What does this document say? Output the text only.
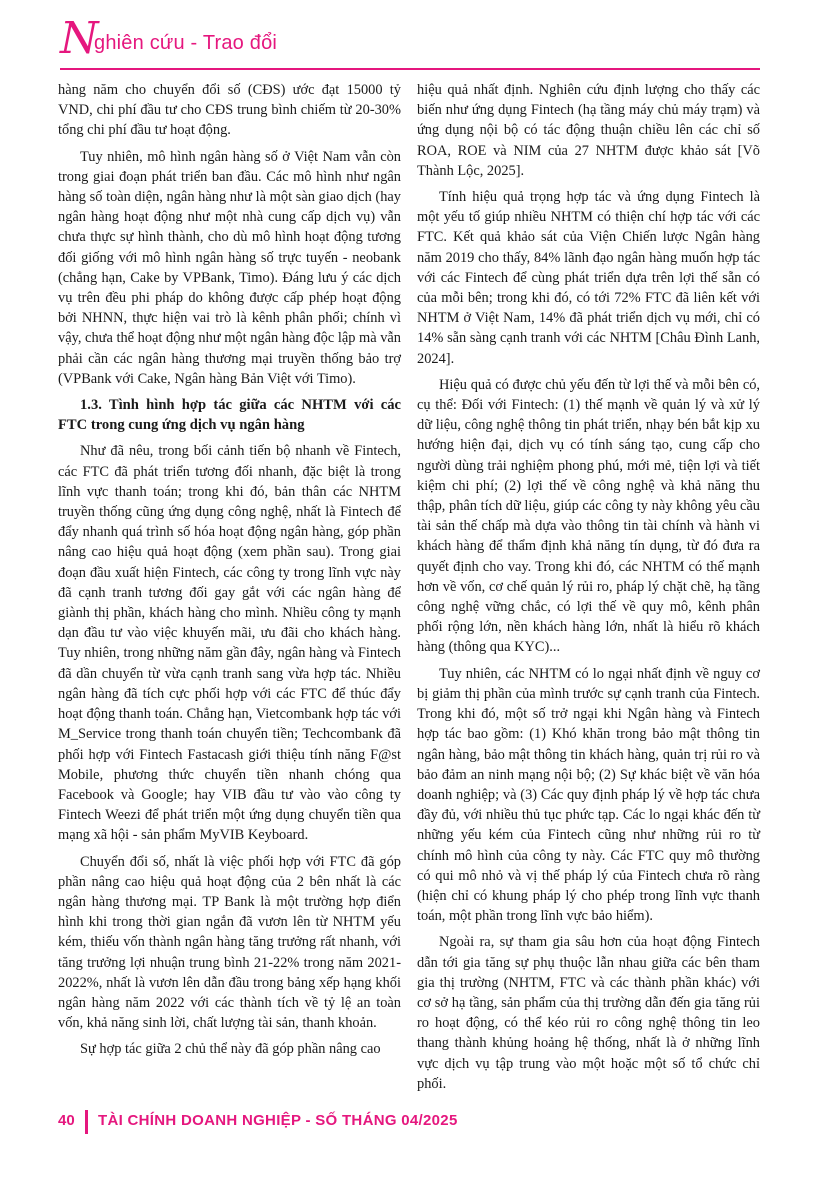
N
ghiên cứu - Trao đổi

hàng năm cho chuyển đổi số (CĐS) ước đạt 15000 tỷ VND, chi phí đầu tư cho CĐS trung bình chiếm từ 20-30% tổng chi phí đầu tư hoạt động.

Tuy nhiên, mô hình ngân hàng số ở Việt Nam vẫn còn trong giai đoạn phát triển ban đầu. Các mô hình như ngân hàng số toàn diện, ngân hàng như là một sàn giao dịch (hay ngân hàng hoạt động như một nhà cung cấp dịch vụ) vẫn chưa thực sự hình thành, cho dù mô hình hoạt động tương đối giống với mô hình ngân hàng số trực tuyến - neobank (chẳng hạn, Cake by VPBank, Timo). Đáng lưu ý các dịch vụ trên đều phi pháp do không được cấp phép hoạt động bởi NHNN, thực hiện vai trò là kênh phân phối; chính vì vậy, chưa thể hoạt động như một ngân hàng độc lập mà vẫn phải cần các ngân hàng thương mại truyền thống bảo trợ (VPBank với Cake, Ngân hàng Bản Việt với Timo).

1.3. Tình hình hợp tác giữa các NHTM với các FTC trong cung ứng dịch vụ ngân hàng

Như đã nêu, trong bối cảnh tiến bộ nhanh về Fintech, các FTC đã phát triển tương đối nhanh, đặc biệt là trong lĩnh vực thanh toán; trong khi đó, bản thân các NHTM truyền thống cũng ứng dụng công nghệ, nhất là Fintech để đẩy nhanh quá trình số hóa hoạt động ngân hàng, góp phần nâng cao hiệu quả hoạt động (xem phần sau). Trong giai đoạn đầu xuất hiện Fintech, các công ty trong lĩnh vực này đã cạnh tranh tương đối gay gắt với các ngân hàng để giành thị phần, khách hàng cho mình. Nhiều công ty mạnh dạn đầu tư vào việc khuyến mãi, ưu đãi cho khách hàng. Tuy nhiên, trong những năm gần đây, ngân hàng và Fintech đã dần chuyển từ vừa cạnh tranh sang vừa hợp tác. Nhiều ngân hàng đã tích cực phối hợp với các FTC để thúc đẩy hoạt động thanh toán. Chẳng hạn, Vietcombank hợp tác với M_Service trong thanh toán chuyển tiền; Techcombank đã phối hợp với Fintech Fastacash giới thiệu tính năng F@st Mobile, phương thức chuyển tiền nhanh chóng qua Facebook và Google; hay VIB đầu tư vào vào công ty Fintech Weezi để phát triển một ứng dụng chuyển tiền qua mạng xã hội - sản phẩm MyVIB Keyboard.

Chuyển đổi số, nhất là việc phối hợp với FTC đã góp phần nâng cao hiệu quả hoạt động của 2 bên nhất là các ngân hàng thương mại. TP Bank là một trường hợp điển hình khi trong thời gian ngắn đã vươn lên từ NHTM yếu kém, thiếu vốn thành ngân hàng tăng trưởng rất nhanh, với tăng trưởng lợi nhuận trung bình 21-22% trong năm 2021-2022%, nhất là vươn lên dẫn đầu trong bảng xếp hạng khối ngân hàng năm 2022 với các thành tích về tỷ lệ an toàn vốn, khả năng sinh lời, chất lượng tài sản, thanh khoản.

Sự hợp tác giữa 2 chủ thể này đã góp phần nâng cao

hiệu quả nhất định. Nghiên cứu định lượng cho thấy các biến như ứng dụng Fintech (hạ tầng máy chủ máy trạm) và ứng dụng nội bộ có tác động thuận chiều lên các chỉ số ROA, ROE và NIM của 27 NHTM được khảo sát [Võ Thành Lộc, 2025].

Tính hiệu quả trọng hợp tác và ứng dụng Fintech là một yếu tố giúp nhiều NHTM có thiện chí hợp tác với các FTC. Kết quả khảo sát của Viện Chiến lược Ngân hàng năm 2019 cho thấy, 84% lãnh đạo ngân hàng muốn hợp tác với các Fintech để cùng phát triển dựa trên lợi thế sẵn có của mỗi bên; trong khi đó, có tới 72% FTC đã liên kết với NHTM ở Việt Nam, 14% đã phát triển dịch vụ mới, chỉ có 14% sẵn sàng cạnh tranh với các NHTM [Châu Đình Lanh, 2024].

Hiệu quả có được chủ yếu đến từ lợi thế và mỗi bên có, cụ thể: Đối với Fintech: (1) thế mạnh về quản lý và xử lý dữ liệu, công nghệ thông tin phát triển, nhạy bén bắt kịp xu hướng hiện đại, dịch vụ có tính sáng tạo, cung cấp cho người dùng trải nghiệm phong phú, mới mẻ, tiện lợi và tiết kiệm chi phí; (2) lợi thế về công nghệ và khả năng thu thập, phân tích dữ liệu, giúp các công ty này không yêu cầu tài sản thế chấp mà dựa vào thông tin tài chính và hành vi khách hàng để thẩm định khả năng tín dụng, từ đó đưa ra quyết định cho vay. Trong khi đó, các NHTM có thế mạnh hơn về vốn, cơ chế quản lý rủi ro, pháp lý chặt chẽ, hạ tầng công nghệ vững chắc, có lợi thế về quy mô, kênh phân phối rộng lớn, nền khách hàng lớn, nhất là hiểu rõ khách hàng (thông qua KYC)...

Tuy nhiên, các NHTM có lo ngại nhất định về nguy cơ bị giảm thị phần của mình trước sự cạnh tranh của Fintech. Trong khi đó, một số trở ngại khi Ngân hàng và Fintech hợp tác bao gồm: (1) Khó khăn trong bảo mật thông tin ngân hàng, bảo mật thông tin khách hàng, quản trị rủi ro và bảo đảm an ninh mạng nội bộ; (2) Sự khác biệt về văn hóa doanh nghiệp; và (3) Các quy định pháp lý về hợp tác chưa đầy đủ, với nhiều thủ tục phức tạp. Các lo ngại khác đến từ những yếu kém của Fintech cũng như những rủi ro từ chính mô hình của công ty này. Các FTC quy mô thường có qui mô nhỏ và vị thế pháp lý của Fintech chưa rõ ràng (hiện chỉ có khung pháp lý cho phép trong lĩnh vực thanh toán, một phần trong lĩnh vực bảo hiểm).

Ngoài ra, sự tham gia sâu hơn của hoạt động Fintech dẫn tới gia tăng sự phụ thuộc lẫn nhau giữa các bên tham gia thị trường (NHTM, FTC và các thành phần khác) với cơ sở hạ tầng, sản phẩm của thị trường dẫn đến gia tăng rủi ro hoạt động, có thể kéo rủi ro công nghệ thông tin leo thang thành khủng hoảng hệ thống, nhất là ở những lĩnh vực dịch vụ tập trung vào một hoặc một số tổ chức chỉ phối.

40 TÀI CHÍNH DOANH NGHIỆP - SỐ THÁNG 04/2025
